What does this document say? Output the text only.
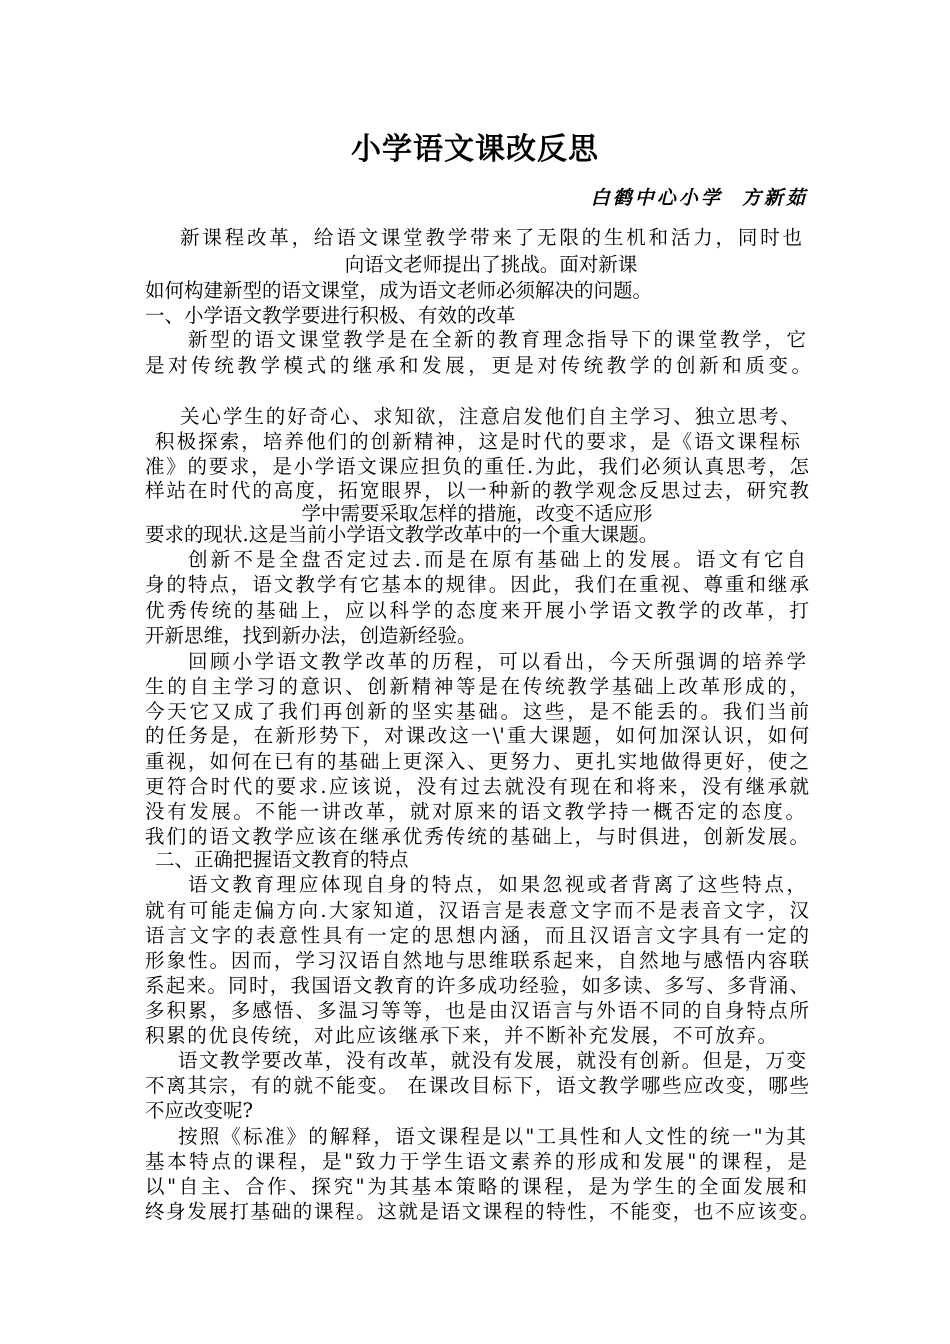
小学语文课改反思
白鹤中心小学  方新茹
新课程改革，给语文课堂教学带来了无限的生机和活力，同时也
向语文老师提出了挑战。面对新课
如何构建新型的语文课堂，成为语文老师必须解决的问题。
一、小学语文教学要进行积极、有效的改革
新型的语文课堂教学是在全新的教育理念指导下的课堂教学，它
是对传统教学模式的继承和发展，更是对传统教学的创新和质变。
关心学生的好奇心、求知欲，注意启发他们自主学习、独立思考、
积极探索，培养他们的创新精神，这是时代的要求，是《语文课程标
准》的要求，是小学语文课应担负的重任.为此，我们必须认真思考，怎
样站在时代的高度，拓宽眼界，以一种新的教学观念反思过去，研究教
学中需要采取怎样的措施，改变不适应形
要求的现状.这是当前小学语文教学改革中的一个重大课题。
创新不是全盘否定过去.而是在原有基础上的发展。语文有它自
身的特点，语文教学有它基本的规律。因此，我们在重视、尊重和继承
优秀传统的基础上，应以科学的态度来开展小学语文教学的改革，打
开新思维，找到新办法，创造新经验。
回顾小学语文教学改革的历程，可以看出，今天所强调的培养学
生的自主学习的意识、创新精神等是在传统教学基础上改革形成的，
今天它又成了我们再创新的坚实基础。这些，是不能丢的。我们当前
的任务是，在新形势下，对课改这一\'重大课题，如何加深认识，如何
重视，如何在已有的基础上更深入、更努力、更扎实地做得更好，使之
更符合时代的要求.应该说，没有过去就没有现在和将来，没有继承就
没有发展。不能一讲改革，就对原来的语文教学持一概否定的态度。
我们的语文教学应该在继承优秀传统的基础上，与时俱进，创新发展。
二、正确把握语文教育的特点
语文教育理应体现自身的特点，如果忽视或者背离了这些特点，
就有可能走偏方向.大家知道，汉语言是表意文字而不是表音文字，汉
语言文字的表意性具有一定的思想内涵，而且汉语言文字具有一定的
形象性。因而，学习汉语自然地与思维联系起来，自然地与感悟内容联
系起来。同时，我国语文教育的许多成功经验，如多读、多写、多背涌、
多积累，多感悟、多温习等等，也是由汉语言与外语不同的自身特点所
积累的优良传统，对此应该继承下来，并不断补充发展，不可放弃。
语文教学要改革，没有改革，就没有发展，就没有创新。但是，万变
不离其宗，有的就不能变。 在课改目标下，语文教学哪些应改变，哪些
不应改变呢?
按照《标准》的解释，语文课程是以"工具性和人文性的统一"为其
基本特点的课程，是"致力于学生语文素养的形成和发展"的课程，是
以"自主、合作、探究"为其基本策略的课程，是为学生的全面发展和
终身发展打基础的课程。这就是语文课程的特性，不能变，也不应该变。
